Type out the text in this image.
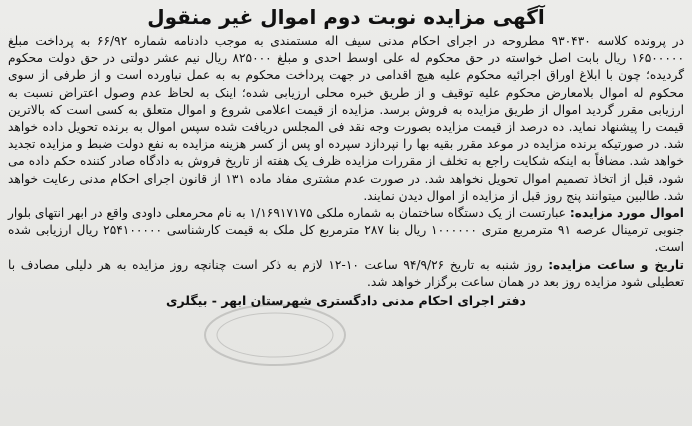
آگهی مزایده نوبت دوم اموال غیر منقول

در پرونده کلاسه ۹۳۰۴۳۰ مطروحه در اجرای احکام مدنی سیف اله مستمندی به موجب دادنامه شماره ۶۶/۹۲ به پرداخت مبلغ ۱۶۵۰۰۰۰۰ ریال بابت اصل خواسته در حق محکوم له علی اوسط احدی و مبلغ ۸۲۵۰۰۰ ریال نیم عشر دولتی در حق دولت محکوم گردیده؛ چون با ابلاغ اوراق اجرائیه محکوم علیه هیچ اقدامی در جهت پرداخت محکوم به به عمل نیاورده است و از طرفی از سوی محکوم له اموال بلامعارض محکوم علیه توقیف و از طریق خبره محلی ارزیابی شده؛ اینک به لحاظ عدم وصول اعتراض نسبت به ارزیابی مقرر گردید اموال از طریق مزایده به فروش برسد. مزایده از قیمت اعلامی شروع و اموال متعلق به کسی است که بالاترین قیمت را پیشنهاد نماید. ده درصد از قیمت مزایده بصورت وجه نقد فی المجلس دریافت شده سپس اموال به برنده تحویل داده خواهد شد. در صورتیکه برنده مزایده در موعد مقرر بقیه بها را نپردازد سپرده او پس از کسر هزینه مزایده به نفع دولت ضبط و مزایده تجدید خواهد شد. مضافاً به اینکه شکایت راجع به تخلف از مقررات مزایده ظرف یک هفته از تاریخ فروش به دادگاه صادر کننده حکم داده می شود، قبل از اتخاذ تصمیم اموال تحویل نخواهد شد. در صورت عدم مشتری مفاد ماده ۱۳۱ از قانون اجرای احکام مدنی رعایت خواهد شد. طالبین میتوانند پنج روز قبل از مزایده از اموال دیدن نمایند.

اموال مورد مزایده: عبارتست از یک دستگاه ساختمان به شماره ملکی ۱/۱۶۹۱۷۱۷۵ به نام محرمعلی داودی واقع در ابهر انتهای بلوار جنوبی ترمینال عرصه ۹۱ مترمربع متری ۱۰۰۰۰۰۰ ریال بنا ۲۸۷ مترمربع کل ملک به قیمت کارشناسی ۲۵۴۱۰۰۰۰۰ ریال ارزیابی شده است.

تاریخ و ساعت مزایده: روز شنبه به تاریخ ۹۴/۹/۲۶ ساعت ۱۰-۱۲ لازم به ذکر است چنانچه روز مزایده به هر دلیلی مصادف با تعطیلی شود مزایده روز بعد در همان ساعت برگزار خواهد شد.

دفتر اجرای احکام مدنی دادگستری شهرستان ابهر - بیگلری
